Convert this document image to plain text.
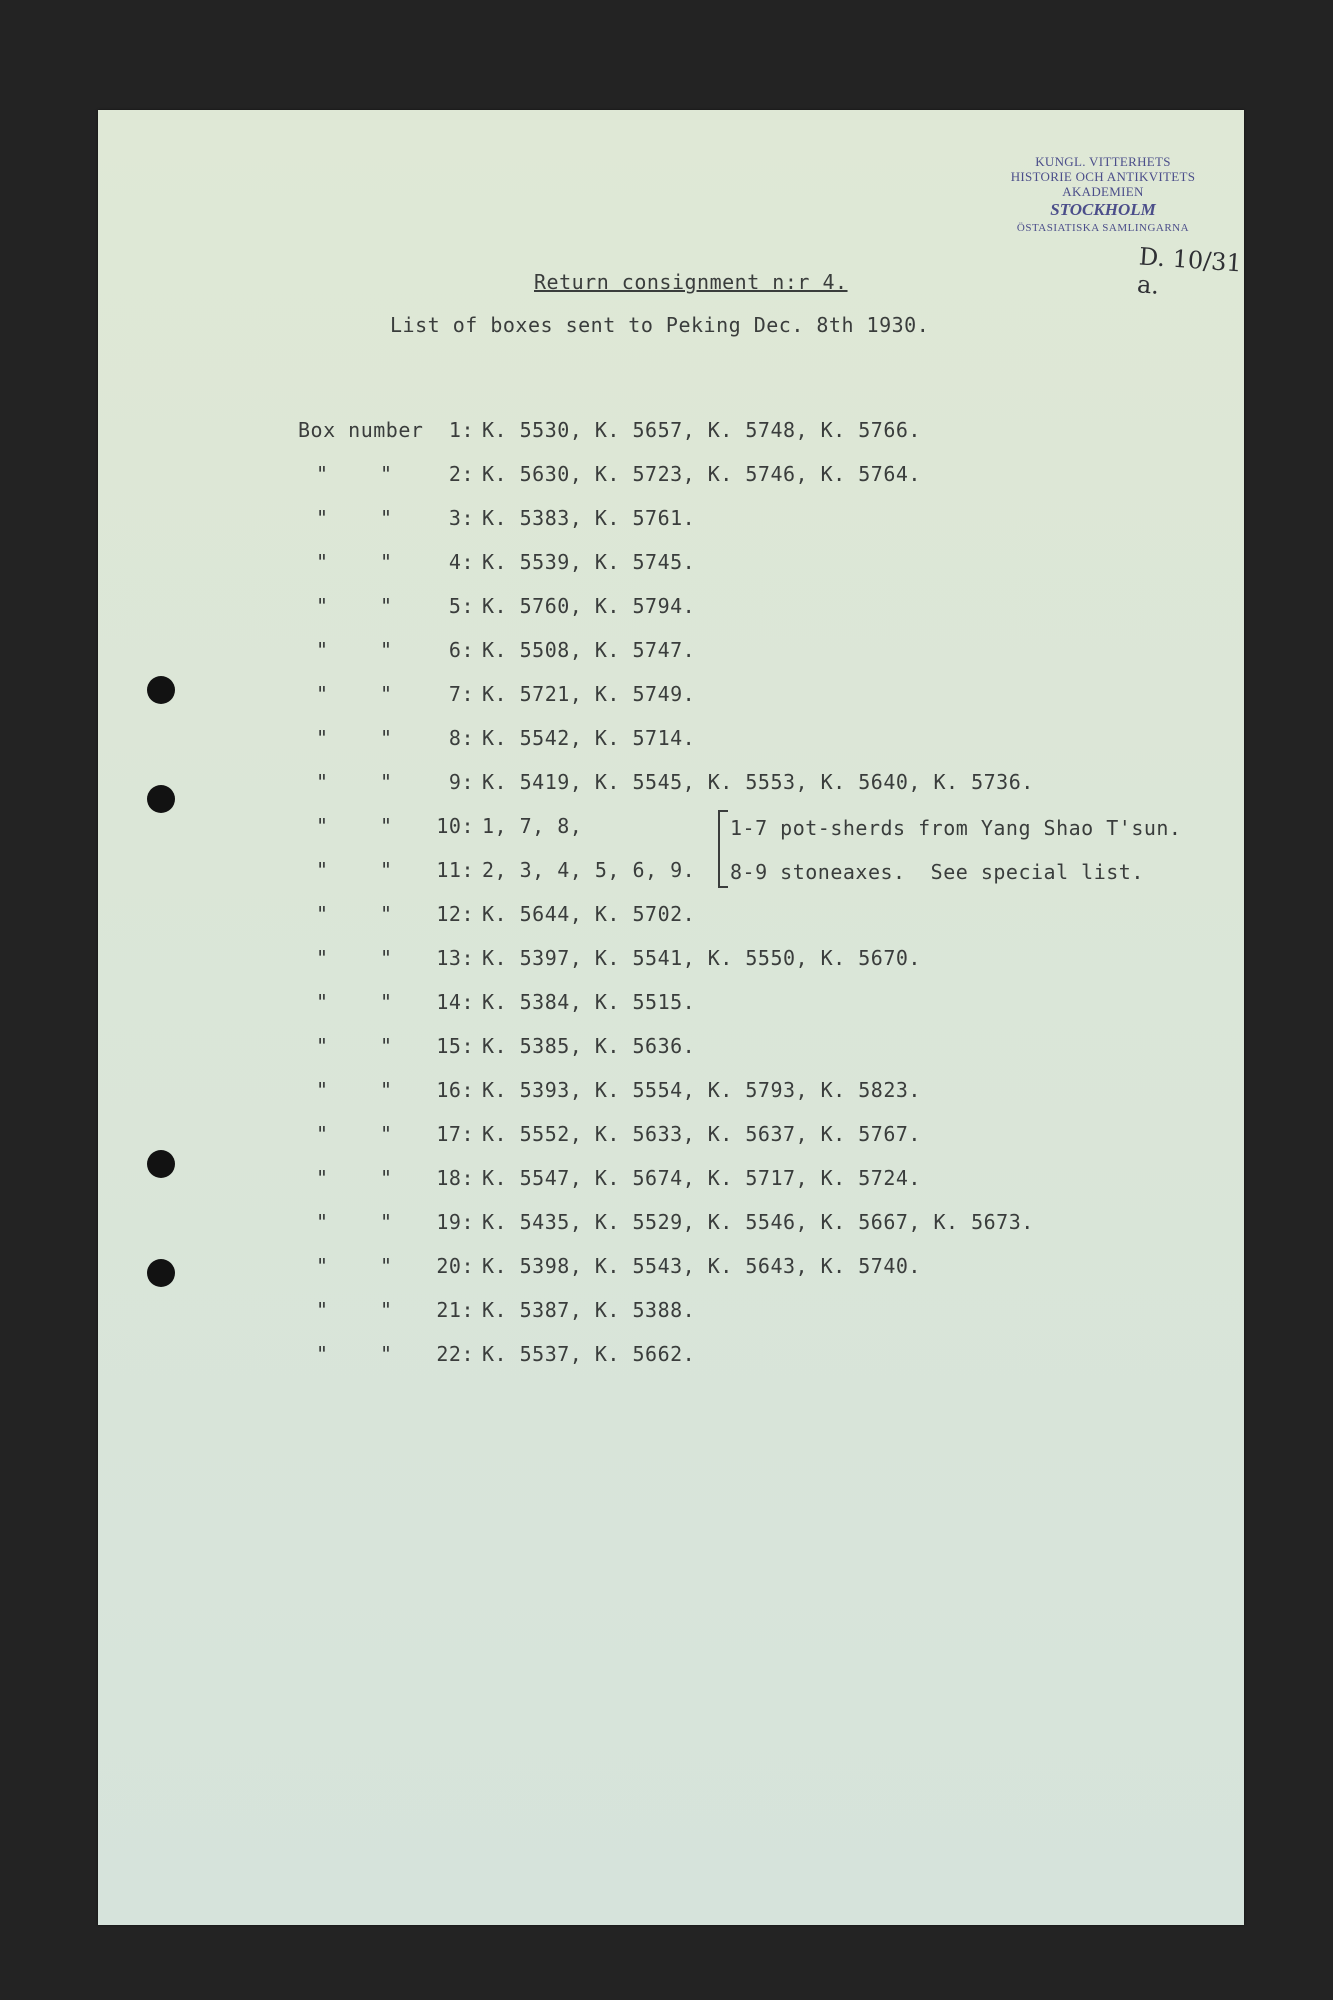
KUNGL. VITTERHETS
HISTORIE OCH ANTIKVITETS
AKADEMIEN
STOCKHOLM
ÖSTASIATISKA SAMLINGARNA
D. 10/31 a.
Return consignment n:r 4.
List of boxes sent to Peking Dec. 8th 1930.
Box number	1: K. 5530, K. 5657, K. 5748, K. 5766.
"	"	2: K. 5630, K. 5723, K. 5746, K. 5764.
"	"	3: K. 5383, K. 5761.
"	"	4: K. 5539, K. 5745.
"	"	5: K. 5760, K. 5794.
"	"	6: K. 5508, K. 5747.
"	"	7: K. 5721, K. 5749.
"	"	8: K. 5542, K. 5714.
"	"	9: K. 5419, K. 5545, K. 5553, K. 5640, K. 5736.
"	"	10: 1, 7, 8,
"	"	11: 2, 3, 4, 5, 6, 9.
"	"	12: K. 5644, K. 5702.
"	"	13: K. 5397, K. 5541, K. 5550, K. 5670.
"	"	14: K. 5384, K. 5515.
"	"	15: K. 5385, K. 5636.
"	"	16: K. 5393, K. 5554, K. 5793, K. 5823.
"	"	17: K. 5552, K. 5633, K. 5637, K. 5767.
"	"	18: K. 5547, K. 5674, K. 5717, K. 5724.
"	"	19: K. 5435, K. 5529, K. 5546, K. 5667, K. 5673.
"	"	20: K. 5398, K. 5543, K. 5643, K. 5740.
"	"	21: K. 5387, K. 5388.
"	"	22: K. 5537, K. 5662.
1-7 pot-sherds from Yang Shao T'sun.
8-9 stoneaxes.  See special list.
